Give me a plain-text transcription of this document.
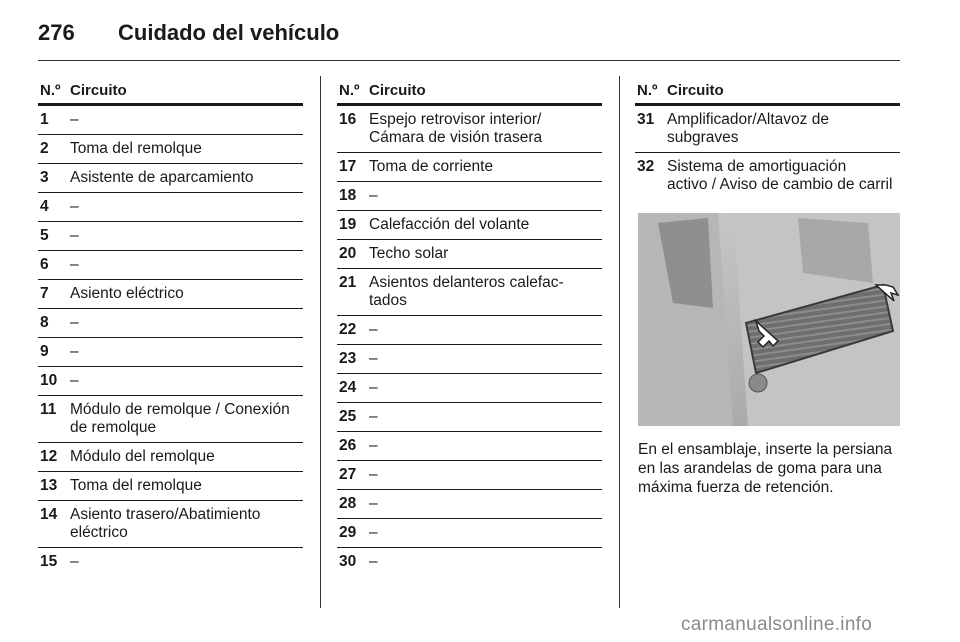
276 Cuidado del vehículo
N.º Circuito
1 –
2 Toma del remolque
3 Asistente de aparcamiento
4 –
5 –
6 –
7 Asiento eléctrico
8 –
9 –
10 –
11 Módulo de remolque / Conexión
de remolque
12 Módulo del remolque
13 Toma del remolque
14 Asiento trasero/Abatimiento
eléctrico
15 –
N.º Circuito
16 Espejo retrovisor interior/
Cámara de visión trasera
17 Toma de corriente
18 –
19 Calefacción del volante
20 Techo solar
21 Asientos delanteros calefac-
tados
22 –
23 –
24 –
25 –
26 –
27 –
28 –
29 –
30 –
N.º Circuito
31 Amplificador/Altavoz de
subgraves
32 Sistema de amortiguación
activo / Aviso de cambio de carril
En el ensamblaje, inserte la persiana en las arandelas de goma para una máxima fuerza de retención.
carmanualsonline.info
